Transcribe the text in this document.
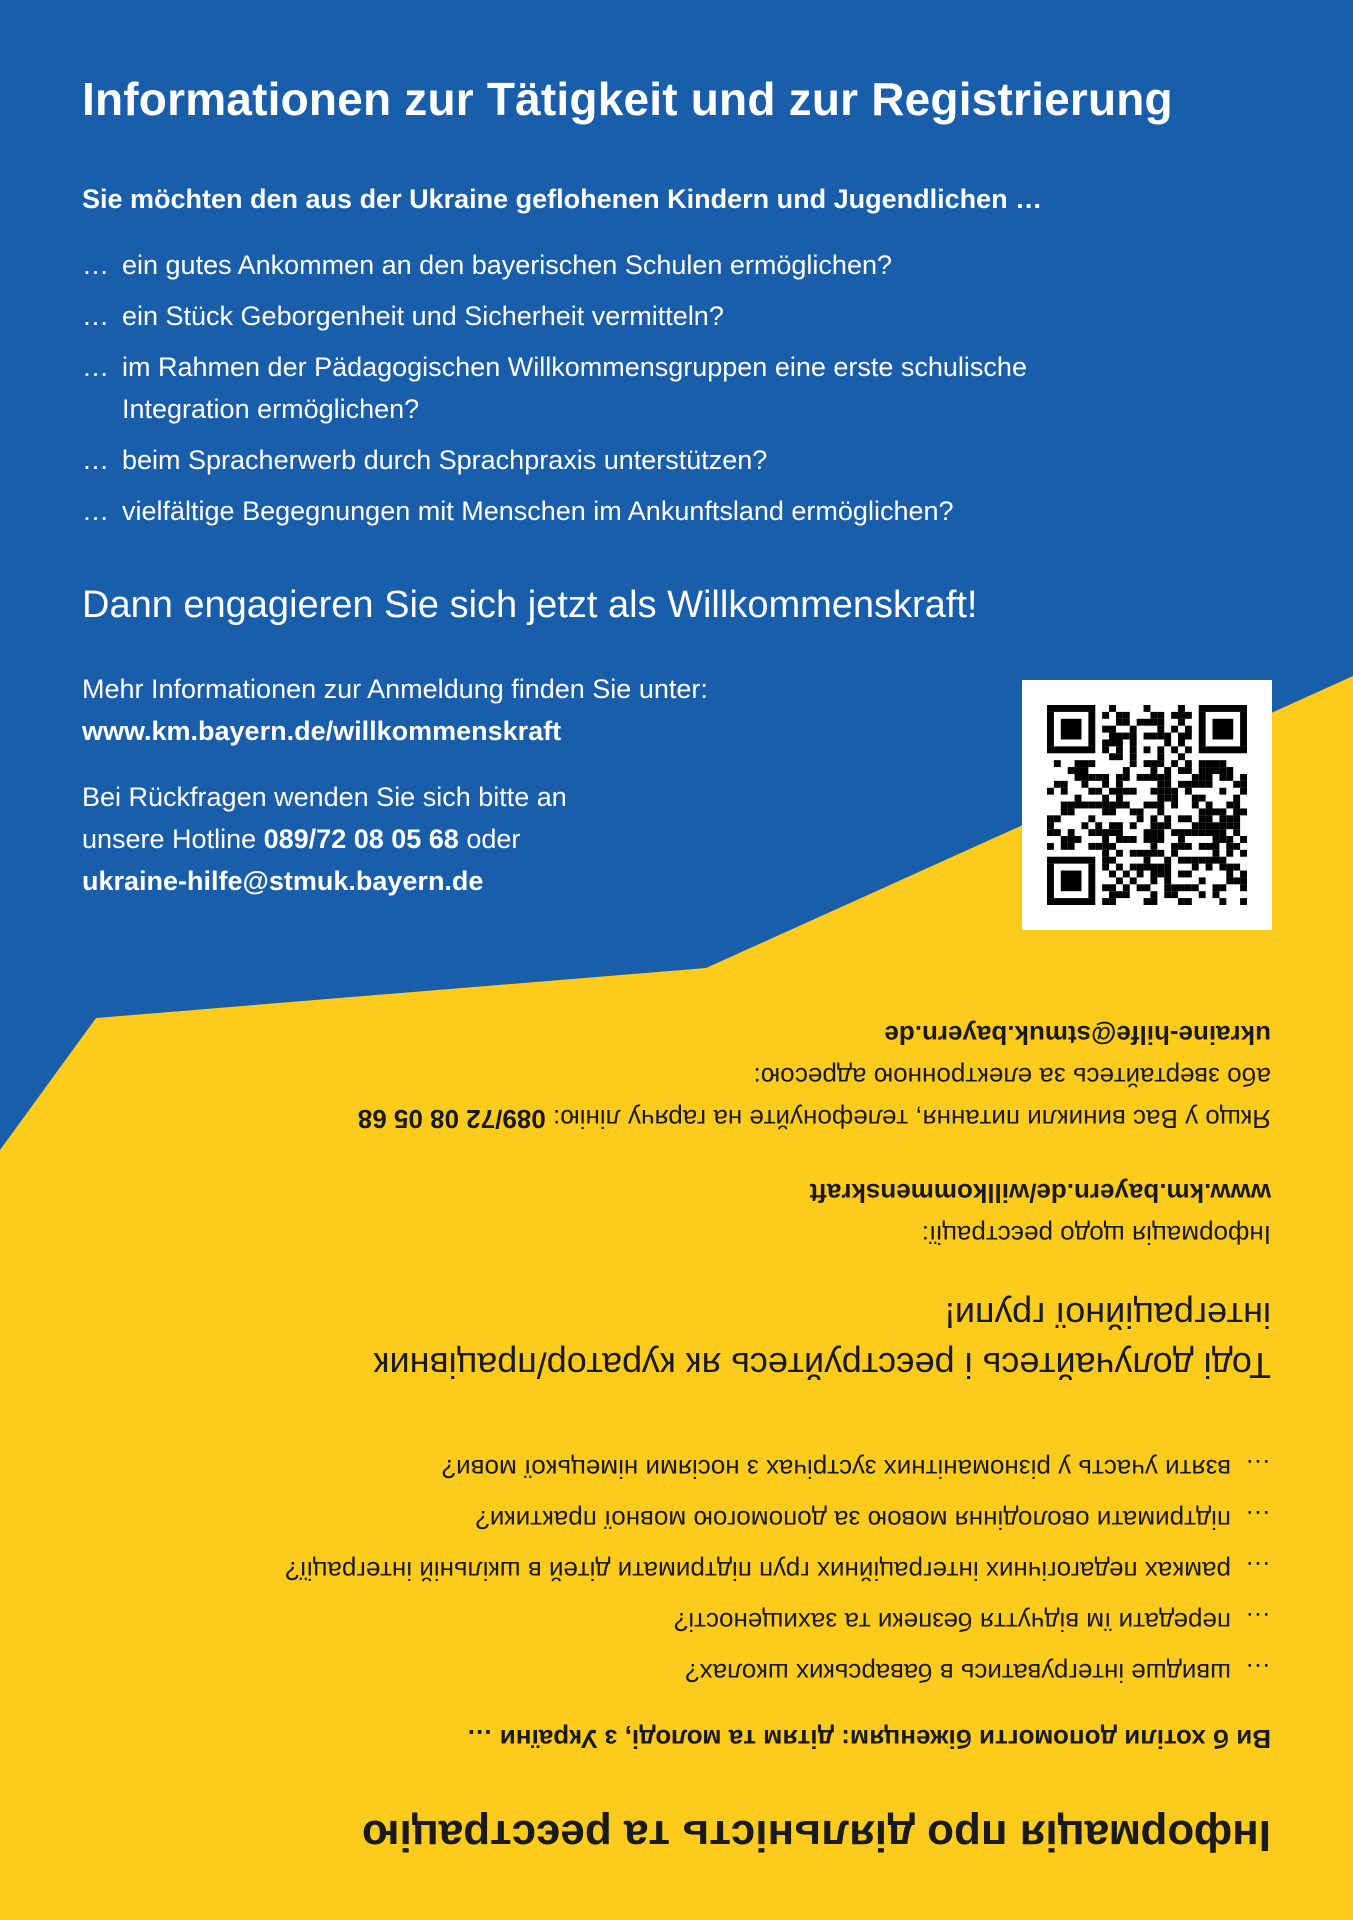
Informationen zur Tätigkeit und zur Registrierung

Sie möchten den aus der Ukraine geflohenen Kindern und Jugendlichen …

… ein gutes Ankommen an den bayerischen Schulen ermöglichen?
… ein Stück Geborgenheit und Sicherheit vermitteln?
… im Rahmen der Pädagogischen Willkommensgruppen eine erste schulische
Integration ermöglichen?
… beim Spracherwerb durch Sprachpraxis unterstützen?
… vielfältige Begegnungen mit Menschen im Ankunftsland ermöglichen?
Dann engagieren Sie sich jetzt als Willkommenskraft!
Mehr Informationen zur Anmeldung finden Sie unter:
www.km.bayern.de/willkommenskraft
Bei Rückfragen wenden Sie sich bitte an
unsere Hotline 089/72 08 05 68 oder
ukraine-hilfe@stmuk.bayern.de
Інформація про діяльність та реєстрацію

Ви б хотіли допомогти біженцям: дітям та молоді, з України …

…
швидше інтегруватись в баварських школах?
…
передати їм відчуття безпеки та захищеності?
…
рамках педагогічних інтеграційних груп підтримати дітей в шкільній інтеграції?
…
підтримати оволодіння мовою за допомогою мовної практики?
…
взяти участь у різноманітних зустрічах з носіями німецької мови?
Тоді долучайтесь і реєструйтесь як куратор/працівник
інтеграційної групи!
Інформація щодо реєстрації:
www.km.bayern.de/willkommenskraft
Якщо у Вас виникли питання, телефонуйте на гарячу лінію: 089/72 08 05 68
або звертайтесь за електронною адресою:
ukraine-hilfe@stmuk.bayern.de
